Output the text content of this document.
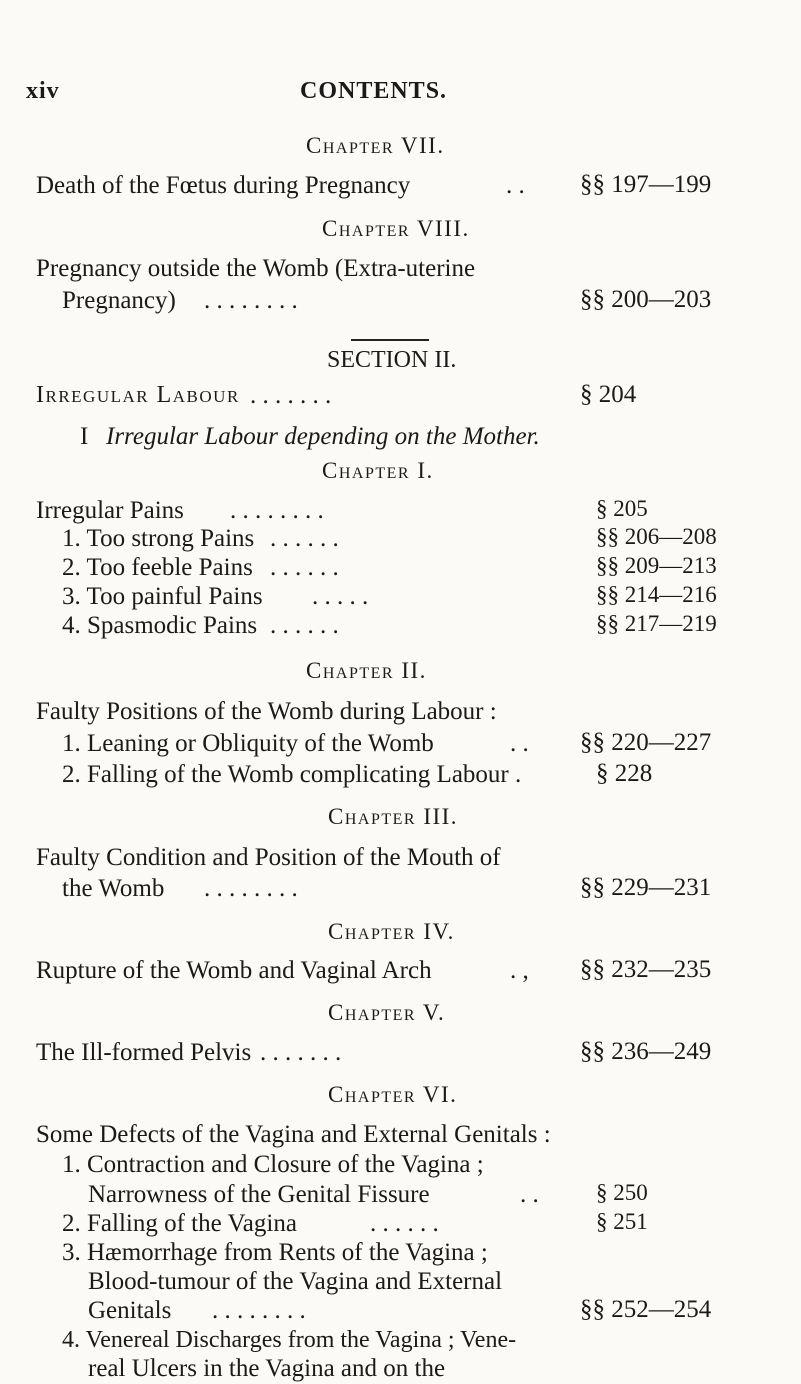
xiv	CONTENTS.
Chapter VII.
Death of the Fœtus during Pregnancy	. . §§ 197—199
Chapter VIII.
Pregnancy outside the Womb (Extra-uterine
Pregnancy) . . . . . . . .	§§ 200—203
SECTION II.
Irregular Labour . . . . . . .	§ 204
I Irregular Labour depending on the Mother.
Chapter I.
Irregular Pains . . . . . . . .	§ 205
1. Too strong Pains . . . . . .	§§ 206—208
2. Too feeble Pains . . . . . .	§§ 209—213
3. Too painful Pains . . . . .	§§ 214—216
4. Spasmodic Pains . . . . . .	§§ 217—219
Chapter II.
Faulty Positions of the Womb during Labour :
1. Leaning or Obliquity of the Womb	. . §§ 220—227
2. Falling of the Womb complicating Labour .	§ 228
Chapter III.
Faulty Condition and Position of the Mouth of
the Womb . . . . . . . .	§§ 229—231
Chapter IV.
Rupture of the Womb and Vaginal Arch	. , §§ 232—235
Chapter V.
The Ill-formed Pelvis . . . . . . .	§§ 236—249
Chapter VI.
Some Defects of the Vagina and External Genitals :
1. Contraction and Closure of the Vagina ;
Narrowness of the Genital Fissure	. . § 250
2. Falling of the Vagina	. . . . . .	§ 251
3. Hæmorrhage from Rents of the Vagina ;
Blood-tumour of the Vagina and External
Genitals . . . . . . . .	§§ 252—254
4. Venereal Discharges from the Vagina ; Vene-
real Ulcers in the Vagina and on the
